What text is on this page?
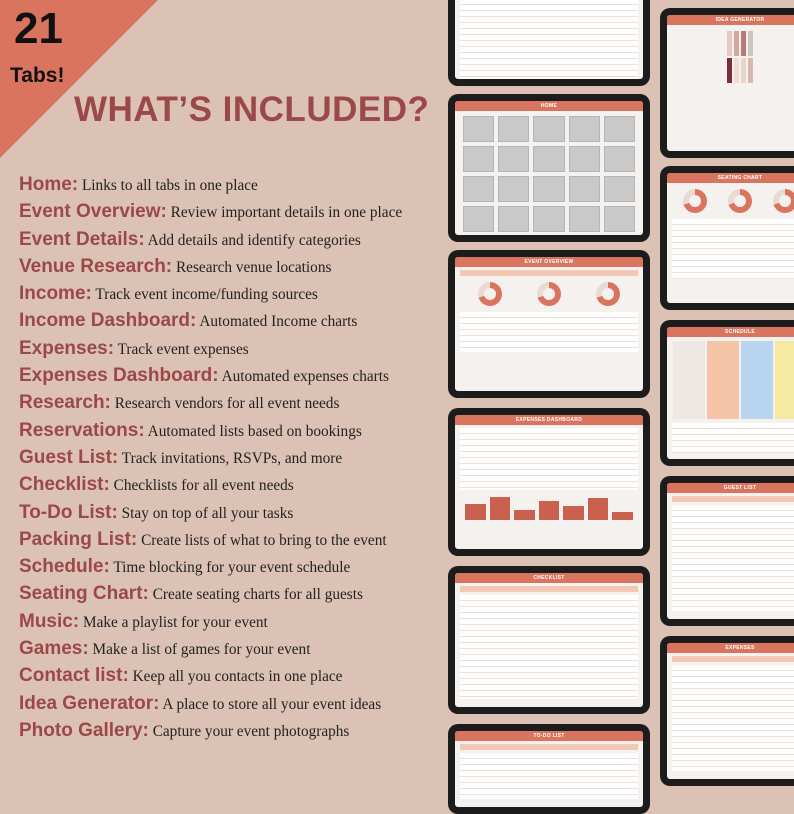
21
Tabs!
WHAT’S INCLUDED?
Home: Links to all tabs in one place
Event Overview: Review important details in one place
Event Details: Add details and identify categories
Venue Research: Research venue locations
Income: Track event income/funding sources
Income Dashboard: Automated Income charts
Expenses: Track event expenses
Expenses Dashboard: Automated expenses charts
Research: Research vendors for all event needs
Reservations: Automated lists based on bookings
Guest List: Track invitations, RSVPs, and more
Checklist: Checklists for all event needs
To-Do List: Stay on top of all your tasks
Packing List: Create lists of what to bring to the event
Schedule: Time blocking for your event schedule
Seating Chart: Create seating charts for all guests
Music: Make a playlist for your event
Games: Make a list of games for your event
Contact list: Keep all you contacts in one place
Idea Generator: A place to store all your event ideas
Photo Gallery: Capture your event photographs
HOME
EVENT OVERVIEW
EXPENSES DASHBOARD
CHECKLIST
TO-DO LIST
IDEA GENERATOR
SEATING CHART
SCHEDULE
GUEST LIST
EXPENSES
